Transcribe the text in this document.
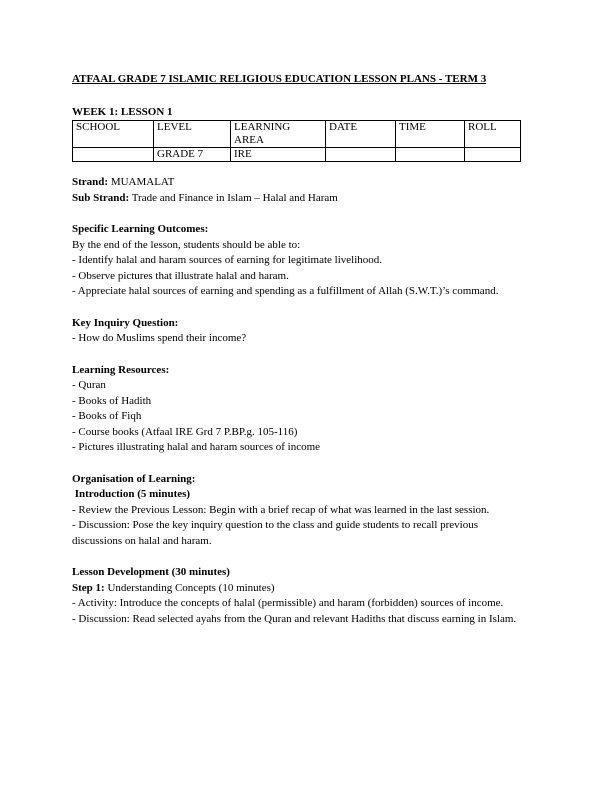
ATFAAL GRADE 7 ISLAMIC RELIGIOUS EDUCATION LESSON PLANS - TERM 3

WEEK 1: LESSON 1
SCHOOL	LEVEL	LEARNING AREA	DATE	TIME	ROLL
	GRADE 7	IRE			

Strand: MUAMALAT

Sub Strand: Trade and Finance in Islam – Halal and Haram

Specific Learning Outcomes:

By the end of the lesson, students should be able to:

- Identify halal and haram sources of earning for legitimate livelihood.

- Observe pictures that illustrate halal and haram.

- Appreciate halal sources of earning and spending as a fulfillment of Allah (S.W.T.)’s command.

Key Inquiry Question:

- How do Muslims spend their income?

Learning Resources:

- Quran

- Books of Hadith

- Books of Fiqh

- Course books (Atfaal IRE Grd 7 P.BP.g. 105-116)

- Pictures illustrating halal and haram sources of income

Organisation of Learning:

Introduction (5 minutes)

- Review the Previous Lesson: Begin with a brief recap of what was learned in the last session.

- Discussion: Pose the key inquiry question to the class and guide students to recall previous discussions on halal and haram.

Lesson Development (30 minutes)

Step 1: Understanding Concepts (10 minutes)

- Activity: Introduce the concepts of halal (permissible) and haram (forbidden) sources of income.

- Discussion: Read selected ayahs from the Quran and relevant Hadiths that discuss earning in Islam.
